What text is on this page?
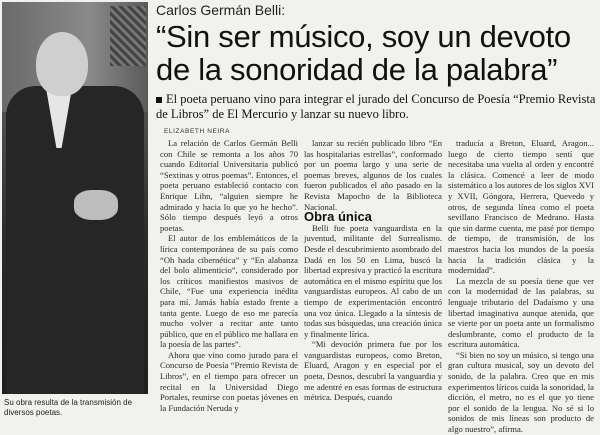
Su obra resulta de la transmisión de diversos poetas.
Carlos Germán Belli:
“Sin ser músico, soy un devoto de la sonoridad de la palabra”
El poeta peruano vino para integrar el jurado del Concurso de Poesía “Premio Revista de Libros” de El Mercurio y lanzar su nuevo libro.
ELIZABETH NEIRA

La relación de Carlos Germán Belli con Chile se remonta a los años 70 cuando Editorial Universitaria publicó “Sextinas y otros poemas”. Entonces, el poeta peruano estableció contacto con Enrique Lihn, “alguien siempre he admirado y hacia lo que yo he hecho”. Sólo tiempo después leyó a otros poetas.

El autor de los emblemáticos de la lírica contemporánea de su país como “Oh hada cibernética” y “En alabanza del bolo alimenticio”, considerado por los críticos manifiestos masivos de Chile, “Fue una experiencia inédita para mí. Jamás había estado frente a tanta gente. Luego de eso me parecía mucho volver a recitar ante tanto público, que en el público me hallara en la poesía de las partes”.

Ahora que vino como jurado para el Concurso de Poesía “Premio Revista de Libros”, en el tiempo para ofrecer un recital en la Universidad Diego Portales, reunirse con poetas jóvenes en la Fundación Neruda y

lanzar su recién publicado libro “En las hospitalarias estrellas”, conformado por un poema largo y una serie de poemas breves, algunos de los cuales fueron publicados el año pasado en la Revista Mapocho de la Biblioteca Nacional.

Obra única

Belli fue poeta vanguardista en la juventud, militante del Surrealismo. Desde el descubrimiento asombrado del Dadá en los 50 en Lima, buscó la libertad expresiva y practicó la escritura automática en el mismo espíritu que los vanguardistas europeos. Al cabo de un tiempo de experimentación encontró una voz única. Llegado a la síntesis de todas sus búsquedas, una creación única y finalmente lírica.

“Mi devoción primera fue por los vanguardistas europeos, como Breton, Eluard, Aragon y en especial por el poeta, Desnos, descubrí la vanguardia y me adentré en esas formas de estructura métrica. Después, cuando

traducía a Breton, Eluard, Aragon... luego de cierto tiempo sentí que necesitaba una vuelta al orden y encontré la clásica. Comencé a leer de modo sistemático a los autores de los siglos XVI y XVII, Góngora, Herrera, Quevedo y otros, de segunda línea como el poeta sevillano Francisco de Medrano. Hasta que sin darme cuenta, me pasé por tiempo de tiempo, de transmisión, de los maestros hacia los mundos de la poesía hacia la tradición clásica y la modernidad”.

La mezcla de su poesía tiene que ver con la modernidad de las palabras, su lenguaje tributario del Dadaísmo y una libertad imaginativa aunque atenida, que se vierte por un poeta ante un formalismo deslumbrante, como el producto de la escritura automática.

“Si bien no soy un músico, si tengo una gran cultura musical, soy un devoto del sonido, de la palabra. Creo que en mis experimentos líricos cuida la sonoridad, la dicción, el metro, no es el que yo tiene por el sonido de la lengua. No sé si lo sonidos de mis líneas son producto de algo nuestro”, afirma.
